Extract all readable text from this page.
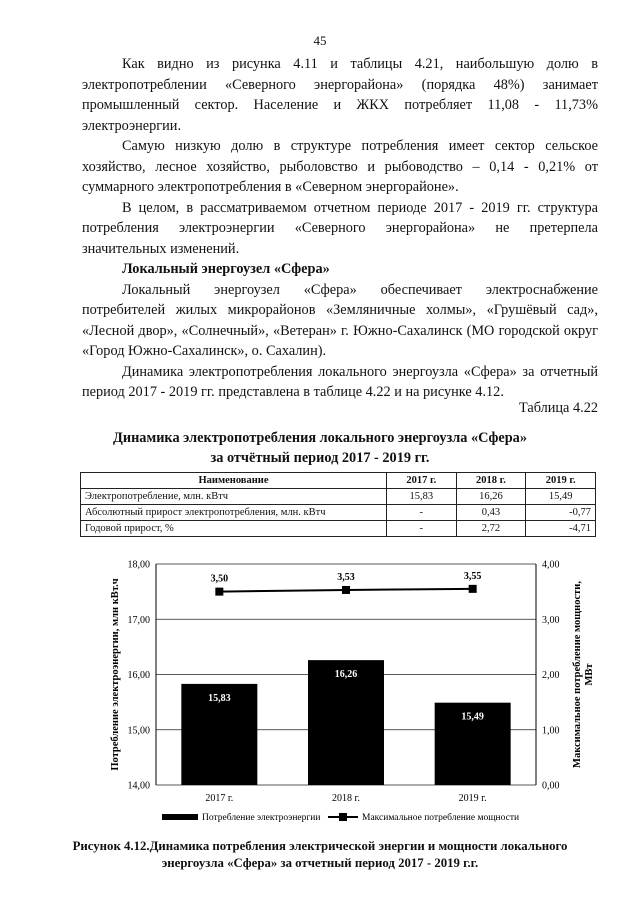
45

Как видно из рисунка 4.11 и таблицы 4.21, наибольшую долю в электропотреблении «Северного энергорайона» (порядка 48%) занимает промышленный сектор. Население и ЖКХ потребляет 11,08 - 11,73% электроэнергии.

Самую низкую долю в структуре потребления имеет сектор сельское хозяйство, лесное хозяйство, рыболовство и рыбоводство – 0,14 - 0,21% от суммарного электропотребления в «Северном энергорайоне».

В целом, в рассматриваемом отчетном периоде 2017 - 2019 гг. структура потребления электроэнергии «Северного энергорайона» не претерпела значительных изменений.

Локальный энергоузел «Сфера»

Локальный энергоузел «Сфера» обеспечивает электроснабжение потребителей жилых микрорайонов «Земляничные холмы», «Грушёвый сад», «Лесной двор», «Солнечный», «Ветеран» г. Южно-Сахалинск (МО городской округ «Город Южно-Сахалинск», о. Сахалин).

Динамика электропотребления локального энергоузла «Сфера» за отчетный период 2017 - 2019 гг. представлена в таблице 4.22 и на рисунке 4.12.

Таблица 4.22
Динамика электропотребления локального энергоузла «Сфера»
за отчётный период 2017 - 2019 гг.
Наименование	2017 г.	2018 г.	2019 г.
Электропотребление, млн. кВтч	15,83	16,26	15,49
Абсолютный прирост электропотребления, млн. кВтч	-	0,43	-0,77
Годовой прирост, %	-	2,72	-4,71
14,00
15,00
16,00
17,00
18,00
0,00
1,00
2,00
3,00
4,00
15,83
2017 г.
16,26
2018 г.
15,49
2019 г.
3,50	3,53	3,55
Потребление электроэнергии, млн кВт.ч	Максимальное потребление мощности, МВт
Потребление электроэнергии	Максимальное потребление мощности
Рисунок 4.12.Динамика потребления электрической энергии и мощности локального
энергоузла «Сфера» за отчетный период 2017 - 2019 г.г.
